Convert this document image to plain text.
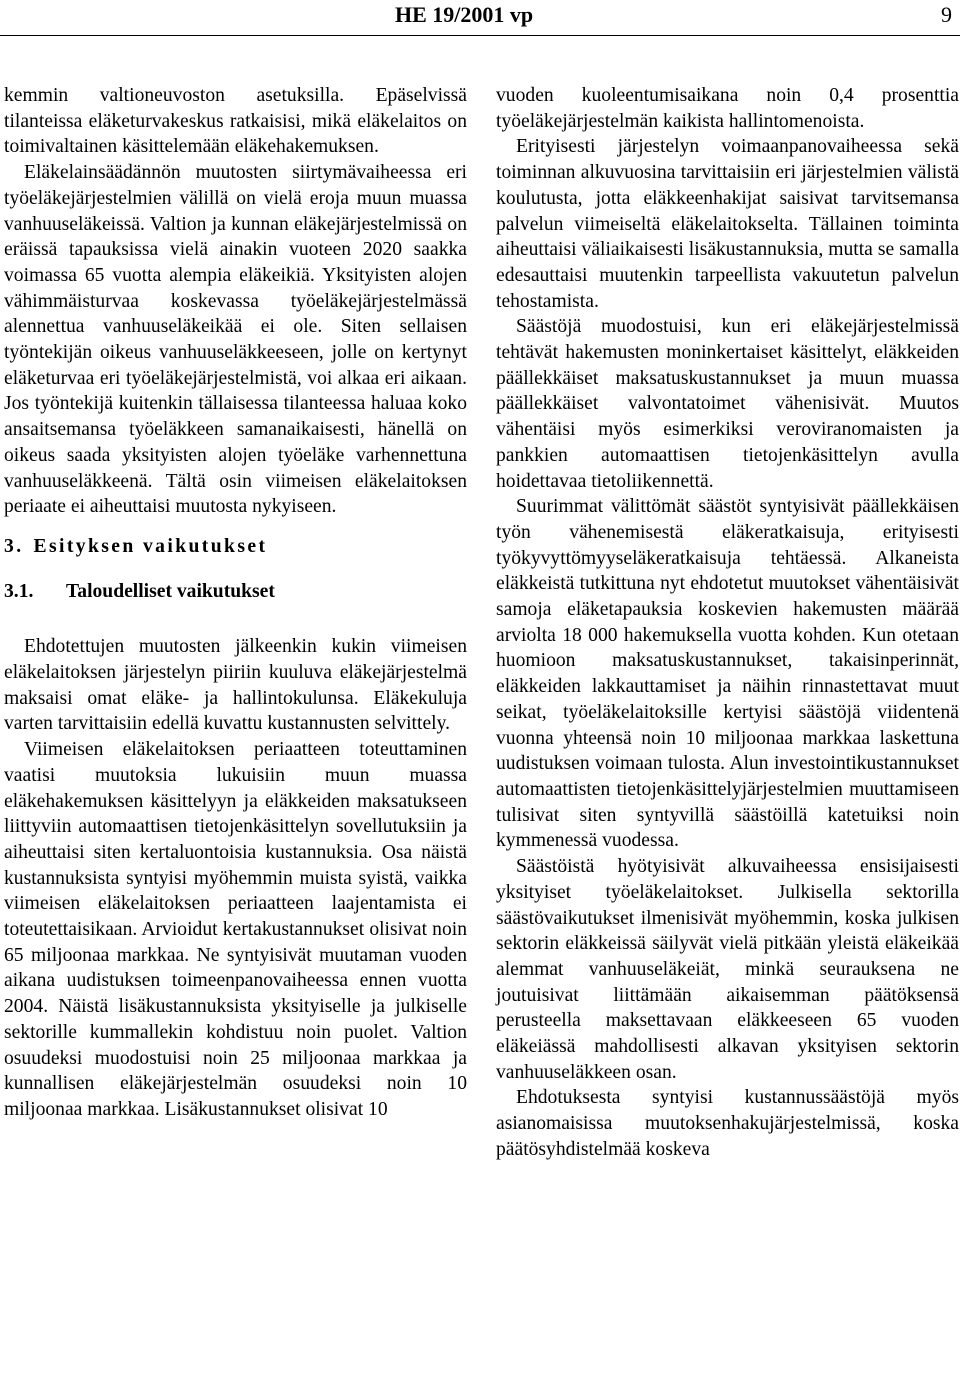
HE 19/2001 vp	9

kemmin valtioneuvoston asetuksilla. Epäselvissä tilanteissa eläketurvakeskus ratkaisisi, mikä eläkelaitos on toimivaltainen käsittelemään eläkehakemuksen.

Eläkelainsäädännön muutosten siirtymävaiheessa eri työeläkejärjestelmien välillä on vielä eroja muun muassa vanhuuseläkeissä. Valtion ja kunnan eläkejärjestelmissä on eräissä tapauksissa vielä ainakin vuoteen 2020 saakka voimassa 65 vuotta alempia eläkeikiä. Yksityisten alojen vähimmäisturvaa koskevassa työeläkejärjestelmässä alennettua vanhuuseläkeikää ei ole. Siten sellaisen työntekijän oikeus vanhuuseläkkeeseen, jolle on kertynyt eläketurvaa eri työeläkejärjestelmistä, voi alkaa eri aikaan. Jos työntekijä kuitenkin tällaisessa tilanteessa haluaa koko ansaitsemansa työeläkkeen samanaikaisesti, hänellä on oikeus saada yksityisten alojen työeläke varhennettuna vanhuuseläkkeenä. Tältä osin viimeisen eläkelaitoksen periaate ei aiheuttaisi muutosta nykyiseen.

3. Esityksen vaikutukset
3.1. Taloudelliset vaikutukset

Ehdotettujen muutosten jälkeenkin kukin viimeisen eläkelaitoksen järjestelyn piiriin kuuluva eläkejärjestelmä maksaisi omat eläke- ja hallintokulunsa. Eläkekuluja varten tarvittaisiin edellä kuvattu kustannusten selvittely.

Viimeisen eläkelaitoksen periaatteen toteuttaminen vaatisi muutoksia lukuisiin muun muassa eläkehakemuksen käsittelyyn ja eläkkeiden maksatukseen liittyviin automaattisen tietojenkäsittelyn sovellutuksiin ja aiheuttaisi siten kertaluontoisia kustannuksia. Osa näistä kustannuksista syntyisi myöhemmin muista syistä, vaikka viimeisen eläkelaitoksen periaatteen laajentamista ei toteutettaisikaan. Arvioidut kertakustannukset olisivat noin 65 miljoonaa markkaa. Ne syntyisivät muutaman vuoden aikana uudistuksen toimeenpanovaiheessa ennen vuotta 2004. Näistä lisäkustannuksista yksityiselle ja julkiselle sektorille kummallekin kohdistuu noin puolet. Valtion osuudeksi muodostuisi noin 25 miljoonaa markkaa ja kunnallisen eläkejärjestelmän osuudeksi noin 10 miljoonaa markkaa. Lisäkustannukset olisivat 10

vuoden kuoleentumisaikana noin 0,4 prosenttia työeläkejärjestelmän kaikista hallintomenoista.

Erityisesti järjestelyn voimaanpanovaiheessa sekä toiminnan alkuvuosina tarvittaisiin eri järjestelmien välistä koulutusta, jotta eläkkeenhakijat saisivat tarvitsemansa palvelun viimeiseltä eläkelaitokselta. Tällainen toiminta aiheuttaisi väliaikaisesti lisäkustannuksia, mutta se samalla edesauttaisi muutenkin tarpeellista vakuutetun palvelun tehostamista.

Säästöjä muodostuisi, kun eri eläkejärjestelmissä tehtävät hakemusten moninkertaiset käsittelyt, eläkkeiden päällekkäiset maksatuskustannukset ja muun muassa päällekkäiset valvontatoimet vähenisivät. Muutos vähentäisi myös esimerkiksi veroviranomaisten ja pankkien automaattisen tietojenkäsittelyn avulla hoidettavaa tietoliikennettä.

Suurimmat välittömät säästöt syntyisivät päällekkäisen työn vähenemisestä eläkeratkaisuja, erityisesti työkyvyttömyyseläkeratkaisuja tehtäessä. Alkaneista eläkkeistä tutkittuna nyt ehdotetut muutokset vähentäisivät samoja eläketapauksia koskevien hakemusten määrää arviolta 18 000 hakemuksella vuotta kohden. Kun otetaan huomioon maksatuskustannukset, takaisinperinnät, eläkkeiden lakkauttamiset ja näihin rinnastettavat muut seikat, työeläkelaitoksille kertyisi säästöjä viidentenä vuonna yhteensä noin 10 miljoonaa markkaa laskettuna uudistuksen voimaan tulosta. Alun investointikustannukset automaattisten tietojenkäsittelyjärjestelmien muuttamiseen tulisivat siten syntyvillä säästöillä katetuiksi noin kymmenessä vuodessa.

Säästöistä hyötyisivät alkuvaiheessa ensisijaisesti yksityiset työeläkelaitokset. Julkisella sektorilla säästövaikutukset ilmenisivät myöhemmin, koska julkisen sektorin eläkkeissä säilyvät vielä pitkään yleistä eläkeikää alemmat vanhuuseläkeiät, minkä seurauksena ne joutuisivat liittämään aikaisemman päätöksensä perusteella maksettavaan eläkkeeseen 65 vuoden eläkeiässä mahdollisesti alkavan yksityisen sektorin vanhuuseläkkeen osan.

Ehdotuksesta syntyisi kustannussäästöjä myös asianomaisissa muutoksenhakujärjestelmissä, koska päätösyhdistelmää koskeva
